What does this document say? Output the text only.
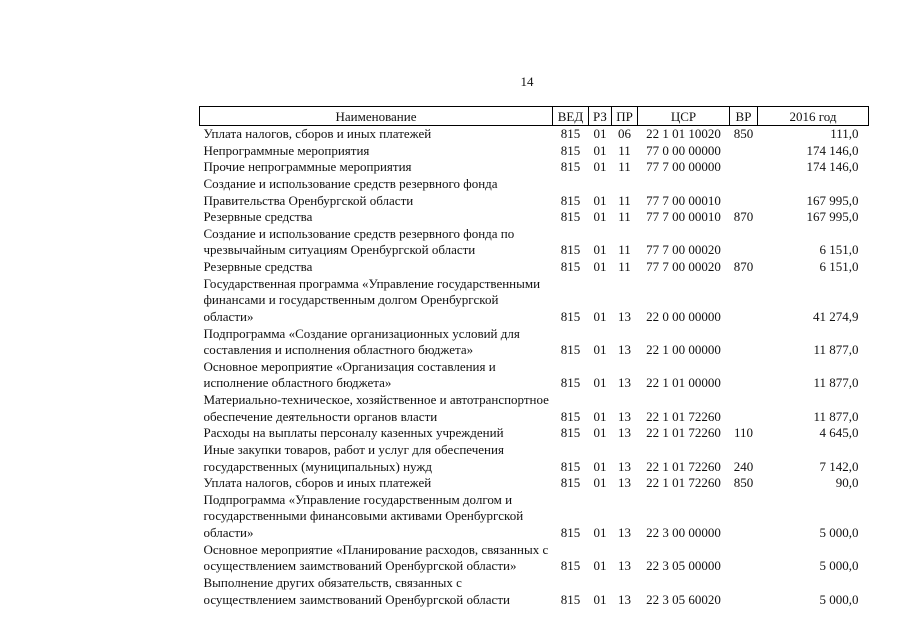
14
Наименование	ВЕД	РЗ	ПР	ЦСР	ВР	2016 год

Уплата налогов, сборов и иных платежей	815	01	06	22 1 01 10020	850	111,0

Непрограммные мероприятия	815	01	11	77 0 00 00000		174 146,0

Прочие непрограммные мероприятия	815	01	11	77 7 00 00000		174 146,0

Создание и использование средств резервного фонда
Правительства Оренбургской области	815	01	11	77 7 00 00010		167 995,0

Резервные средства	815	01	11	77 7 00 00010	870	167 995,0

Создание и использование средств резервного фонда по
чрезвычайным ситуациям Оренбургской области	815	01	11	77 7 00 00020		6 151,0

Резервные средства	815	01	11	77 7 00 00020	870	6 151,0

Государственная программа «Управление государственными
финансами и государственным долгом Оренбургской
области»	815	01	13	22 0 00 00000		41 274,9

Подпрограмма «Создание организационных условий для
составления и исполнения областного бюджета»	815	01	13	22 1 00 00000		11 877,0

Основное мероприятие «Организация составления и
исполнение областного бюджета»	815	01	13	22 1 01 00000		11 877,0

Материально-техническое, хозяйственное и автотранспортное
обеспечение деятельности органов власти	815	01	13	22 1 01 72260		11 877,0

Расходы на выплаты персоналу казенных учреждений	815	01	13	22 1 01 72260	110	4 645,0

Иные закупки товаров, работ и услуг для обеспечения
государственных (муниципальных) нужд	815	01	13	22 1 01 72260	240	7 142,0

Уплата налогов, сборов и иных платежей	815	01	13	22 1 01 72260	850	90,0

Подпрограмма «Управление государственным долгом и
государственными финансовыми активами Оренбургской
области»	815	01	13	22 3 00 00000		5 000,0

Основное мероприятие «Планирование расходов, связанных с
осуществлением заимствований Оренбургской области»	815	01	13	22 3 05 00000		5 000,0

Выполнение других обязательств, связанных с
осуществлением заимствований Оренбургской области	815	01	13	22 3 05 60020		5 000,0
